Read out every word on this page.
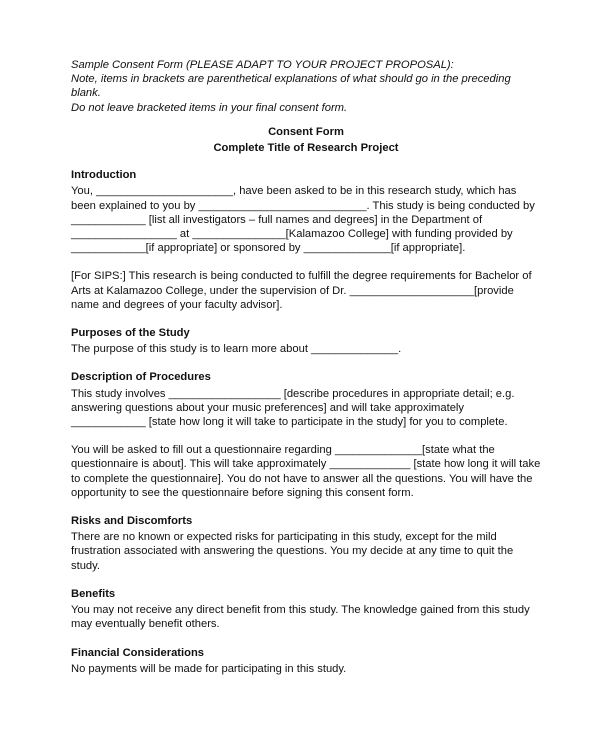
Sample Consent Form (PLEASE ADAPT TO YOUR PROJECT PROPOSAL):

Note, items in brackets are parenthetical explanations of what should go in the preceding blank.

Do not leave bracketed items in your final consent form.

Consent Form
Complete Title of Research Project
Introduction

You, ______________________, have been asked to be in this research study, which has been explained to you by ___________________________. This study is being conducted by ____________ [list all investigators – full names and degrees] in the Department of _________________ at _______________[Kalamazoo College] with funding provided by ____________[if appropriate] or sponsored by ______________[if appropriate].

[For SIPS:] This research is being conducted to fulfill the degree requirements for Bachelor of Arts at Kalamazoo College, under the supervision of Dr. ____________________[provide name and degrees of your faculty advisor].

Purposes of the Study

The purpose of this study is to learn more about ______________.

Description of Procedures

This study involves __________________ [describe procedures in appropriate detail; e.g. answering questions about your music preferences] and will take approximately ____________ [state how long it will take to participate in the study] for you to complete.

You will be asked to fill out a questionnaire regarding ______________[state what the questionnaire is about]. This will take approximately _____________ [state how long it will take to complete the questionnaire]. You do not have to answer all the questions. You will have the opportunity to see the questionnaire before signing this consent form.

Risks and Discomforts

There are no known or expected risks for participating in this study, except for the mild frustration associated with answering the questions. You my decide at any time to quit the study.

Benefits

You may not receive any direct benefit from this study. The knowledge gained from this study may eventually benefit others.

Financial Considerations

No payments will be made for participating in this study.
